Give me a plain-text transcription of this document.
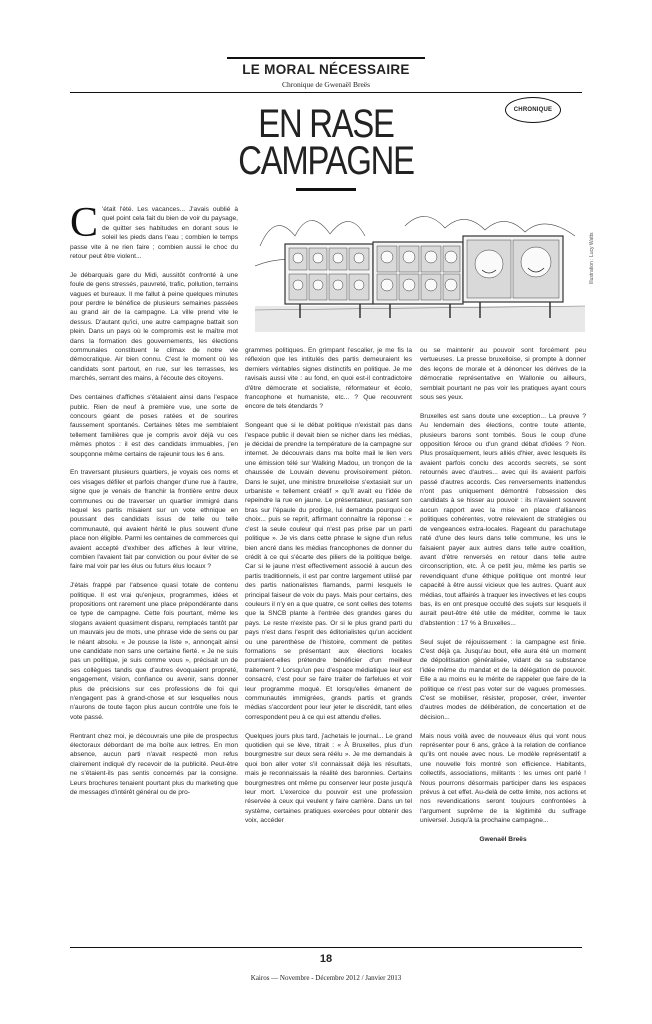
LE MORAL NÉCESSAIRE
Chronique de Gwenaël Breës
CHRONIQUE
EN RASE
CAMPAGNE
Illustration : Lucy Watts

C 'était l'été. Les vacances... J'avais oublié à quel point cela fait du bien de voir du paysage, de quitter ses habitudes en dorant sous le soleil les pieds dans l'eau ; combien le temps passe vite à ne rien faire ; combien aussi le choc du retour peut être violent...

Je débarquais gare du Midi, aussitôt confronté à une foule de gens stressés, pauvreté, trafic, pollution, terrains vagues et bureaux. Il me fallut à peine quelques minutes pour perdre le bénéfice de plusieurs semaines passées au grand air de la campagne. La ville prend vite le dessus. D'autant qu'ici, une autre campagne battait son plein. Dans un pays où le compromis est le maître mot dans la formation des gouvernements, les élections communales constituent le climax de notre vie démocratique. Air bien connu. C'est le moment où les candidats sont partout, en rue, sur les terrasses, les marchés, serrant des mains, à l'écoute des citoyens.

Des centaines d'affiches s'étalaient ainsi dans l'espace public. Rien de neuf à première vue, une sorte de concours géant de poses ratées et de sourires faussement spontanés. Certaines têtes me semblaient tellement familières que je compris avoir déjà vu ces mêmes photos : il est des candidats immuables, j'en soupçonne même certains de rajeunir tous les 6 ans.

En traversant plusieurs quartiers, je voyais ces noms et ces visages défiler et parfois changer d'une rue à l'autre, signe que je venais de franchir la frontière entre deux communes ou de traverser un quartier immigré dans lequel les partis misaient sur un vote ethnique en poussant des candidats issus de telle ou telle communauté, qui avaient hérité le plus souvent d'une place non éligible. Parmi les centaines de commerces qui avaient accepté d'exhiber des affiches à leur vitrine, combien l'avaient fait par conviction ou pour éviter de se faire mal voir par les élus ou futurs élus locaux ?

J'étais frappé par l'absence quasi totale de contenu politique. Il est vrai qu'enjeux, programmes, idées et propositions ont rarement une place prépondérante dans ce type de campagne. Cette fois pourtant, même les slogans avaient quasiment disparu, remplacés tantôt par un mauvais jeu de mots, une phrase vide de sens ou par le néant absolu. « Je pousse la liste », annonçait ainsi une candidate non sans une certaine fierté. « Je ne suis pas un politique, je suis comme vous », précisait un de ses collègues tandis que d'autres évoquaient propreté, engagement, vision, confiance ou avenir, sans donner plus de précisions sur ces professions de foi qui n'engagent pas à grand-chose et sur lesquelles nous n'aurons de toute façon plus aucun contrôle une fois le vote passé.

Rentrant chez moi, je découvrais une pile de prospectus électoraux débordant de ma boîte aux lettres. En mon absence, aucun parti n'avait respecté mon refus clairement indiqué d'y recevoir de la publicité. Peut-être ne s'étaient-ils pas sentis concernés par la consigne. Leurs brochures tenaient pourtant plus du marketing que de messages d'intérêt général ou de pro-

grammes politiques. En grimpant l'escalier, je me fis la réflexion que les intitulés des partis demeuraient les derniers véritables signes distinctifs en politique. Je me ravisais aussi vite : au fond, en quoi est-il contradictoire d'être démocrate et socialiste, réformateur et écolo, francophone et humaniste, etc... ? Que recouvrent encore de tels étendards ?

Songeant que si le débat politique n'existait pas dans l'espace public il devait bien se nicher dans les médias, je décidai de prendre la température de la campagne sur internet. Je découvrais dans ma boîte mail le lien vers une émission télé sur Walking Madou, un tronçon de la chaussée de Louvain devenu provisoirement piéton. Dans le sujet, une ministre bruxelloise s'extasiait sur un urbaniste « tellement créatif » qu'il avait eu l'idée de repeindre la rue en jaune. Le présentateur, passant son bras sur l'épaule du prodige, lui demanda pourquoi ce choix... puis se reprit, affirmant connaître la réponse : « c'est la seule couleur qui n'est pas prise par un parti politique ». Je vis dans cette phrase le signe d'un refus bien ancré dans les médias francophones de donner du crédit à ce qui s'écarte des piliers de la politique belge. Car si le jaune n'est effectivement associé à aucun des partis traditionnels, il est par contre largement utilisé par des partis nationalistes flamands, parmi lesquels le principal faiseur de voix du pays. Mais pour certains, des couleurs il n'y en a que quatre, ce sont celles des totems que la SNCB plante à l'entrée des grandes gares du pays. Le reste n'existe pas. Or si le plus grand parti du pays n'est dans l'esprit des éditorialistes qu'un accident ou une parenthèse de l'histoire, comment de petites formations se présentant aux élections locales pourraient-elles prétendre bénéficier d'un meilleur traitement ? Lorsqu'un peu d'espace médiatique leur est consacré, c'est pour se faire traiter de farfelues et voir leur programme moqué. Et lorsqu'elles émanent de communautés immigrées, grands partis et grands médias s'accordent pour leur jeter le discrédit, tant elles correspondent peu à ce qui est attendu d'elles.

Quelques jours plus tard, j'achetais le journal... Le grand quotidien qui se lève, titrait : « À Bruxelles, plus d'un bourgmestre sur deux sera réélu ». Je me demandais à quoi bon aller voter s'il connaissait déjà les résultats, mais je reconnaissais la réalité des baronnies. Certains bourgmestres ont même pu conserver leur poste jusqu'à leur mort. L'exercice du pouvoir est une profession réservée à ceux qui veulent y faire carrière. Dans un tel système, certaines pratiques exercées pour obtenir des voix, accéder

ou se maintenir au pouvoir sont forcément peu vertueuses. La presse bruxelloise, si prompte à donner des leçons de morale et à dénoncer les dérives de la démocratie représentative en Wallonie ou ailleurs, semblait pourtant ne pas voir les pratiques ayant cours sous ses yeux.

Bruxelles est sans doute une exception... La preuve ? Au lendemain des élections, contre toute attente, plusieurs barons sont tombés. Sous le coup d'une opposition féroce ou d'un grand débat d'idées ? Non. Plus prosaïquement, leurs alliés d'hier, avec lesquels ils avaient parfois conclu des accords secrets, se sont retournés avec d'autres... avec qui ils avaient parfois passé d'autres accords. Ces renversements inattendus n'ont pas uniquement démontré l'obsession des candidats à se hisser au pouvoir : ils n'avaient souvent aucun rapport avec la mise en place d'alliances politiques cohérentes, votre relevaient de stratégies ou de vengeances extra-locales. Rageant du parachutage raté d'une des leurs dans telle commune, les uns le faisaient payer aux autres dans telle autre coalition, avant d'être renversés en retour dans telle autre circonscription, etc. À ce petit jeu, même les partis se revendiquant d'une éthique politique ont montré leur capacité à être aussi vicieux que les autres. Quant aux médias, tout affairés à traquer les invectives et les coups bas, ils en ont presque occulté des sujets sur lesquels il aurait peut-être été utile de méditer, comme le taux d'abstention : 17 % à Bruxelles...

Seul sujet de réjouissement : la campagne est finie. C'est déjà ça. Jusqu'au bout, elle aura été un moment de dépolitisation généralisée, vidant de sa substance l'idée même du mandat et de la délégation de pouvoir. Elle a au moins eu le mérite de rappeler que faire de la politique ce n'est pas voter sur de vagues promesses. C'est se mobiliser, résister, proposer, créer, inventer d'autres modes de délibération, de concertation et de décision...

Mais nous voilà avec de nouveaux élus qui vont nous représenter pour 6 ans, grâce à la relation de confiance qu'ils ont nouée avec nous. Le modèle représentatif a une nouvelle fois montré son efficience. Habitants, collectifs, associations, militants : les urnes ont parlé ! Nous pourrons désormais participer dans les espaces prévus à cet effet. Au-delà de cette limite, nos actions et nos revendications seront toujours confrontées à l'argument suprême de la légitimité du suffrage universel. Jusqu'à la prochaine campagne...

Gwenaël Breës
18
Kairos — Novembre - Décembre 2012 / Janvier 2013
